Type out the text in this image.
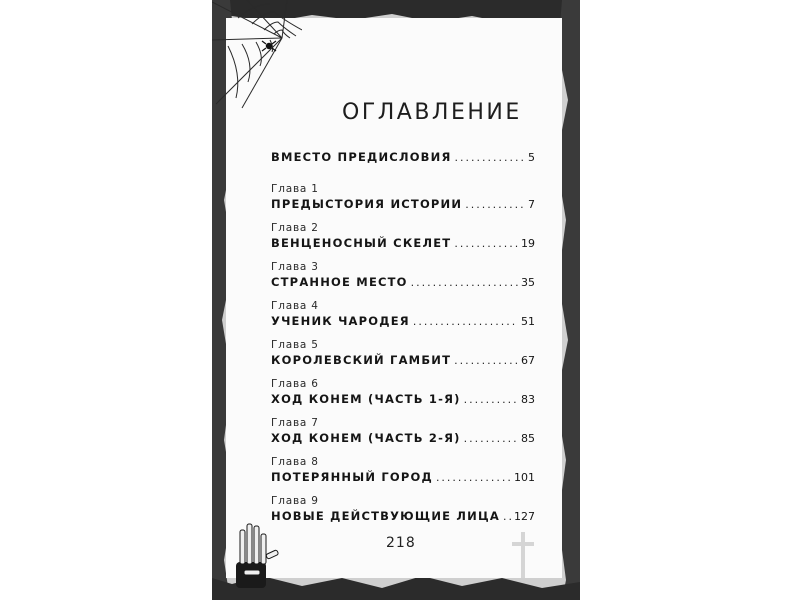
ОГЛАВЛЕНИЕ
ВМЕСТО ПРЕДИСЛОВИЯ .....	5
Глава 1
ПРЕДЫСТОРИЯ ИСТОРИИ .....	7
Глава 2
ВЕНЦЕНОСНЫЙ СКЕЛЕТ .....	19
Глава 3
СТРАННОЕ МЕСТО .....	35
Глава 4
УЧЕНИК ЧАРОДЕЯ .....	51
Глава 5
КОРОЛЕВСКИЙ ГАМБИТ .....	67
Глава 6
ХОД КОНЕМ (ЧАСТЬ 1-Я) .....	83
Глава 7
ХОД КОНЕМ (ЧАСТЬ 2-Я) .....	85
Глава 8
ПОТЕРЯННЫЙ ГОРОД .....	101
Глава 9
НОВЫЕ ДЕЙСТВУЮЩИЕ ЛИЦА ..... 127
218
